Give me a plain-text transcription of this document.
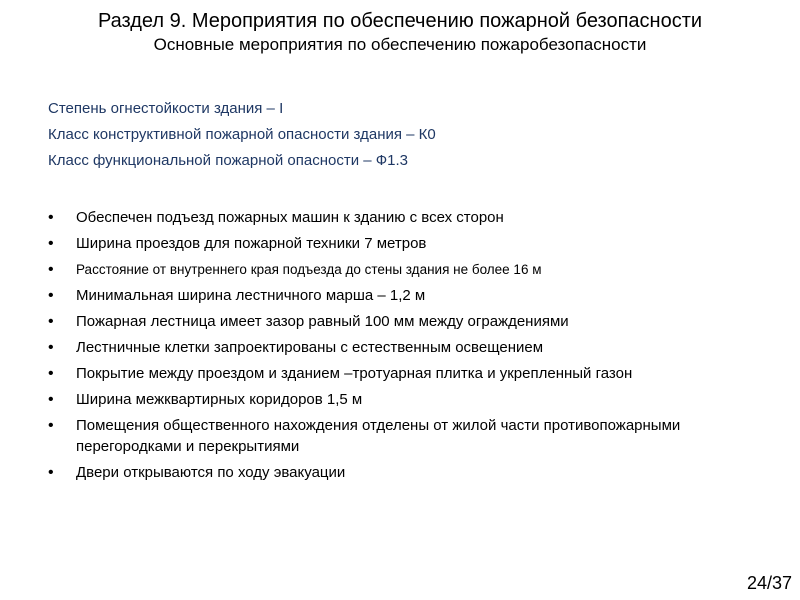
Раздел 9. Мероприятия по обеспечению пожарной безопасности
Основные мероприятия по обеспечению пожаробезопасности
Степень огнестойкости здания – I
Класс конструктивной пожарной опасности здания – К0
Класс функциональной пожарной опасности – Ф1.3
• Обеспечен подъезд пожарных машин к зданию с всех сторон
• Ширина проездов для пожарной техники 7 метров
• Расстояние от внутреннего края подъезда до стены здания не более 16 м
• Минимальная ширина лестничного марша – 1,2 м
• Пожарная лестница имеет зазор равный 100 мм между ограждениями
• Лестничные клетки запроектированы с естественным освещением
• Покрытие между проездом и зданием –тротуарная плитка и укрепленный газон
• Ширина межквартирных коридоров 1,5 м
• Помещения общественного нахождения отделены от жилой части противопожарными перегородками и перекрытиями
• Двери открываются по ходу эвакуации
24/37
